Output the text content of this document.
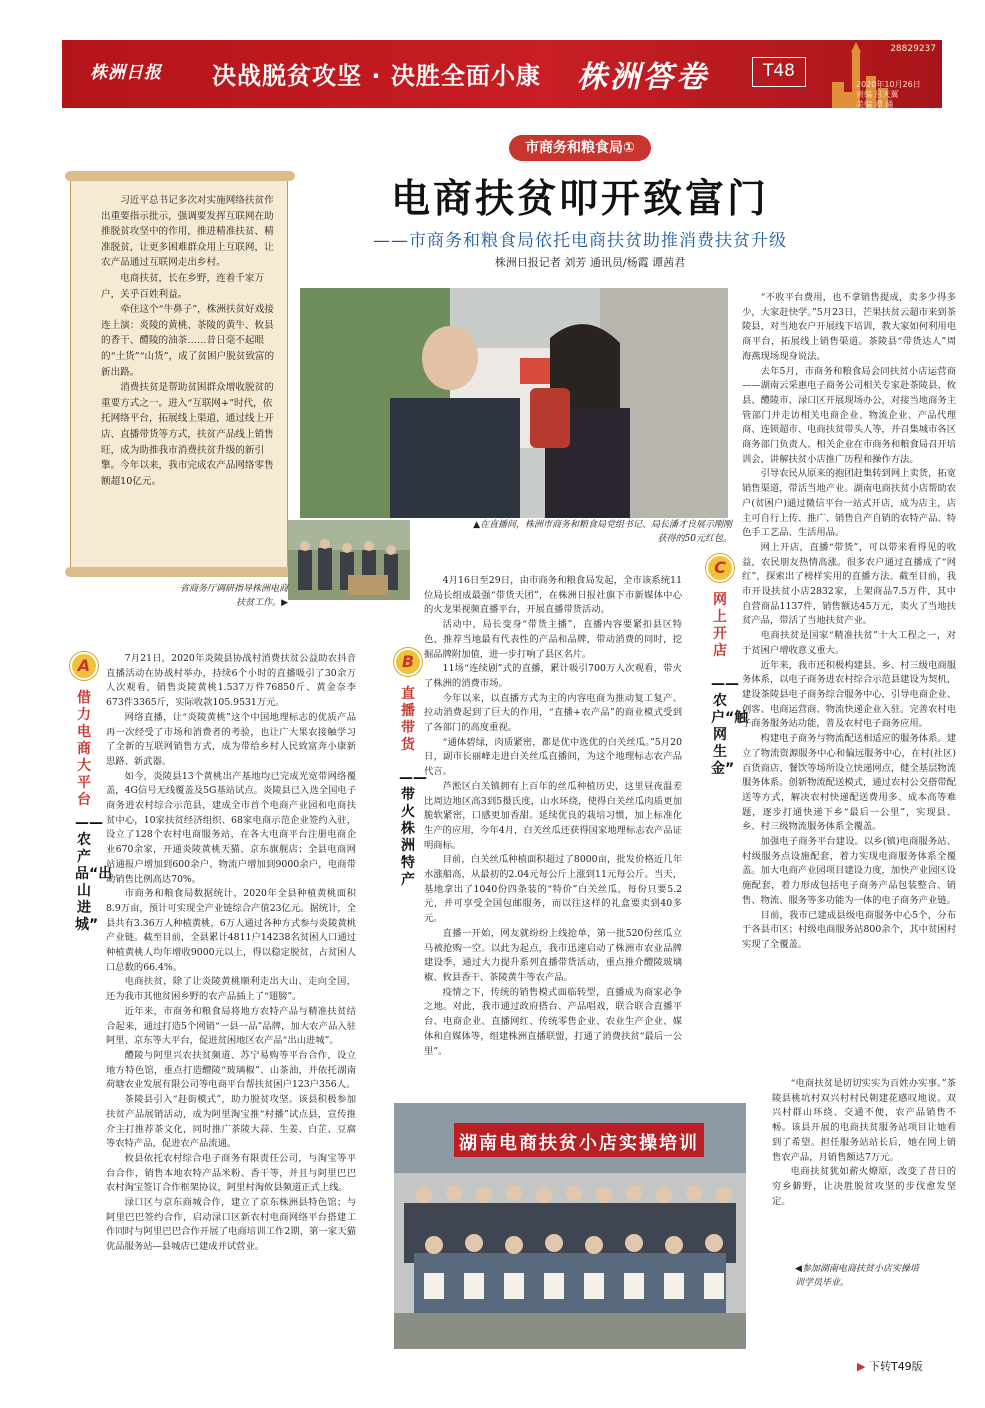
株洲日报 决战脱贫攻坚 · 决胜全面小康 株洲答卷	T48
28829237
2020年10月26日
责编 吕天翼
美编 谭 涌
市商务和粮食局①
电商扶贫叩开致富门
——市商务和粮食局依托电商扶贫助推消费扶贫升级
株洲日报记者 刘芳 通讯员/杨霞 谭茜君

习近平总书记多次对实施网络扶贫作出重要指示批示，强调要发挥互联网在助推脱贫攻坚中的作用，推进精准扶贫、精准脱贫，让更多困难群众用上互联网，让农产品通过互联网走出乡村。

电商扶贫，长在乡野，连着千家万户，关乎百姓利益。

牵住这个“牛鼻子”，株洲扶贫好戏接连上演：炎陵的黄桃、茶陵的黄牛、攸县的香干、醴陵的油茶……昔日毫不起眼的“土货”“山货”，成了贫困户脱贫致富的新出路。

消费扶贫是帮助贫困群众增收脱贫的重要方式之一。进入“互联网+”时代，依托网络平台，拓展线上渠道，通过线上开店、直播带货等方式，扶贫产品线上销售旺，成为助推我市消费扶贫升级的新引擎。今年以来，我市完成农产品网络零售额超10亿元。

▲在直播间，株洲市商务和粮食局党组书记、局长潘才良展示刚刚获得的50元红包。
省商务厅调研指导株洲电商扶贫工作。▶
A
借力电商大平台
——农产品“出山进城”

7月21日，2020年炎陵县协战村消费扶贫公益助农抖音直播活动在协战村举办，持续6个小时的直播吸引了30余万人次观看，销售炎陵黄桃1.537万件76850斤、黄金奈李673件3365斤，实际收款105.9531万元。

网络直播，让“炎陵黄桃”这个中国地理标志的优质产品再一次经受了市场和消费者的考验，也让广大果农接触学习了全新的互联网销售方式，成为带给乡村人民致富奔小康新思路、新武器。

如今，炎陵县13个黄桃出产基地均已完成光宽带网络覆盖，4G信号无线覆盖及5G基站试点。炎陵县已入选全国电子商务进农村综合示范县，建成全市首个电商产业园和电商扶贫中心，10家扶贫经济组织、68家电商示范企业签约入驻，设立了128个农村电商服务站，在各大电商平台注册电商企业670余家，开通炎陵黄桃天猫、京东旗舰店；全县电商网站通报户增加到600余户、物流户增加到9000余户，电商带动销售比例高达70%。

市商务和粮食局数据统计，2020年全县种植黄桃面积8.9万亩，预计可实现全产业链综合产值23亿元。据统计，全县共有3.36万人种植黄桃，6万人通过各种方式参与炎陵黄桃产业链。截至目前，全县累计4811户14238名贫困人口通过种植黄桃人均年增收9000元以上，得以稳定脱贫，占贫困人口总数的66.4%。

电商扶贫，除了让炎陵黄桃顺利走出大山、走向全国，还为我市其他贫困乡野的农产品插上了“翅膀”。

近年来，市商务和粮食局将地方农特产品与精准扶贫结合起来，通过打造5个网销“一县一品”品牌，加大农产品入驻阿里、京东等大平台，促进贫困地区农产品“出山进城”。

醴陵与阿里兴农扶贫频道、苏宁易购等平台合作，设立地方特色馆，重点打造醴陵“玻璃椒”、山茶油，并依托湖南荷塘农业发展有限公司等电商平台帮扶贫困户123户356人。

茶陵县引入“赶街模式”，助力脱贫攻坚。该县积极参加扶贫产品展销活动，成为阿里淘宝推“村播”试点县，宣传推介主打推荐茶文化，同时推广茶陵大蒜、生姜、白芷、豆腐等农特产品，促进农产品流通。

攸县依托农村综合电子商务有限责任公司，与淘宝等平台合作，销售本地农特产品米粉、香干等，并且与阿里巴巴农村淘宝签订合作框架协议，阿里村淘攸县频道正式上线。

渌口区与京东商城合作，建立了京东株洲县特色馆；与阿里巴巴签约合作，启动渌口区新农村电商网络平台搭建工作同时与阿里巴巴合作开展了电商培训工作2期，第一家天猫优品服务站—县城店已建成并试营业。

B
直播带货
——带火株洲特产

4月16日至29日，由市商务和粮食局发起，全市该系统11位局长组成最强“带货天团”，在株洲日报社旗下市新媒体中心的火龙果视频直播平台，开展直播带货活动。

活动中，局长变身“带货主播”，直播内容要紧扣县区特色，推荐当地最有代表性的产品和品牌，带动消费的同时，挖掘品牌附加值，进一步打响了县区名片。

11场“连续剧”式的直播，累计吸引700万人次观看，带火了株洲的消费市场。

今年以来，以直播方式为主的内容电商为推动复工复产、拉动消费起到了巨大的作用，“直播+农产品”的商业模式受到了各部门的高度重视。

“通体碧绿，肉质紧密，都是优中选优的白关丝瓜。”5月20日，副市长丽峰走进白关丝瓜直播间，为这个地理标志农产品代言。

芦淞区白关镇拥有上百年的丝瓜种植历史，这里昼夜温差比周边地区高3到5摄氏度，山水环绕，使得白关丝瓜肉质更加脆软紧密，口感更加香甜。延续优良的栽培习惯，加上标准化生产的应用，今年4月，白关丝瓜还获得国家地理标志农产品证明商标。

目前，白关丝瓜种植面积超过了8000亩，批发价格近几年水涨船高，从最初的2.04元每公斤上涨到11元每公斤。当天，基地拿出了1040份四条装的“特价”白关丝瓜，每份只要5.2元，并可享受全国包邮服务，而以往这样的礼盒要卖到40多元。

直播一开始，网友就纷纷上线抢单，第一批520份丝瓜立马被抢购一空。以此为起点，我市迅速启动了株洲市农业品牌建设季，通过大力提升系列直播带货活动，重点推介醴陵玻璃椒、攸县香干、茶陵黄牛等农产品。

疫情之下，传统的销售模式面临转型，直播成为商家必争之地。对此，我市通过政府搭台、产品唱戏，联合联合直播平台、电商企业、直播网红、传统零售企业、农业生产企业、媒体和自媒体等，组建株洲直播联盟，打通了消费扶贫“最后一公里”。

C
网上开店
——农户“触网生金”

“不收平台费用，也不拿销售提成，卖多少得多少，大家赶快学。”5月23日，芒果扶贫云超市来到茶陵县，对当地农户开展线下培训，教大家如何利用电商平台，拓展线上销售渠道。茶陵县“带货达人”周海燕现场现身说法。

去年5月，市商务和粮食局会同扶贫小店运营商——湖南云采惠电子商务公司相关专家赴茶陵县、攸县、醴陵市、渌口区开展现场办公，对接当地商务主管部门并走访相关电商企业、物流企业、产品代理商、连锁超市、电商扶贫带头人等，并召集城市各区商务部门负责人、相关企业在市商务和粮食局召开培训会，讲解扶贫小店推广历程和操作方法。

引导农民从原来的抱团赶集转到网上卖货，拓宽销售渠道，带活当地产业。湖南电商扶贫小店帮助农户(贫困户)通过微信平台一站式开店，成为店主，店主可自行上传、推广、销售自产自销的农特产品、特色手工艺品、生活用品。

网上开店，直播“带货”，可以带来看得见的收益，农民朋友热情高涨。很多农户通过直播成了“网红”，探索出了榜样实用的直播方法。截至目前，我市开设扶贫小店2832家，上架商品7.5万件，其中自营商品1137件，销售额达45万元，卖火了当地扶贫产品，带活了当地扶贫产业。

电商扶贫是国家“精准扶贫”十大工程之一，对于贫困户增收意义重大。

近年来，我市还积极构建县、乡、村三级电商服务体系，以电子商务进农村综合示范县建设为契机，建设茶陵县电子商务综合服务中心，引导电商企业、创客、电商运营商、物流快递企业入驻。完善农村电子商务服务站功能，普及农村电子商务应用。

构建电子商务与物流配送相适应的服务体系。建立了物流资源服务中心和偏远服务中心，在村(社区)百货商店、餐饮等场所设立快递网点，健全基层物流服务体系。创新物流配送模式，通过农村公交搭带配送等方式，解决农村快递配送费用多、成本高等难题，逐步打通快递下乡“最后一公里”，实现县、乡、村三级物流服务体系全覆盖。

加强电子商务平台建设。以乡(镇)电商服务站、村级服务点设施配套，着力实现电商服务体系全覆盖。加大电商产业园项目建设力度，加快产业园区设施配套，着力形成包括电子商务产品包装整合、销售、物流、服务等多功能为一体的电子商务产业链。

目前，我市已建成县级电商服务中心5个，分布于各县市区；村级电商服务站800余个，其中贫困村实现了全覆盖。

“电商扶贫是切切实实为百姓办实事。”茶陵县桃坑村双兴村村民朝建花感叹地说。双兴村群山环绕、交通不便，农产品销售不畅。该县开展的电商扶贫服务站项目让她看到了希望。担任服务站站长后，她在网上销售农产品，月销售额达7万元。

电商扶贫犹如薪火燎原，改变了昔日的穷乡僻野，让决胜脱贫攻坚的步伐愈发坚定。

湖南电商扶贫小店实操培训
◀参加湖南电商扶贫小店实操培训学员毕业。
▶ 下转T49版
